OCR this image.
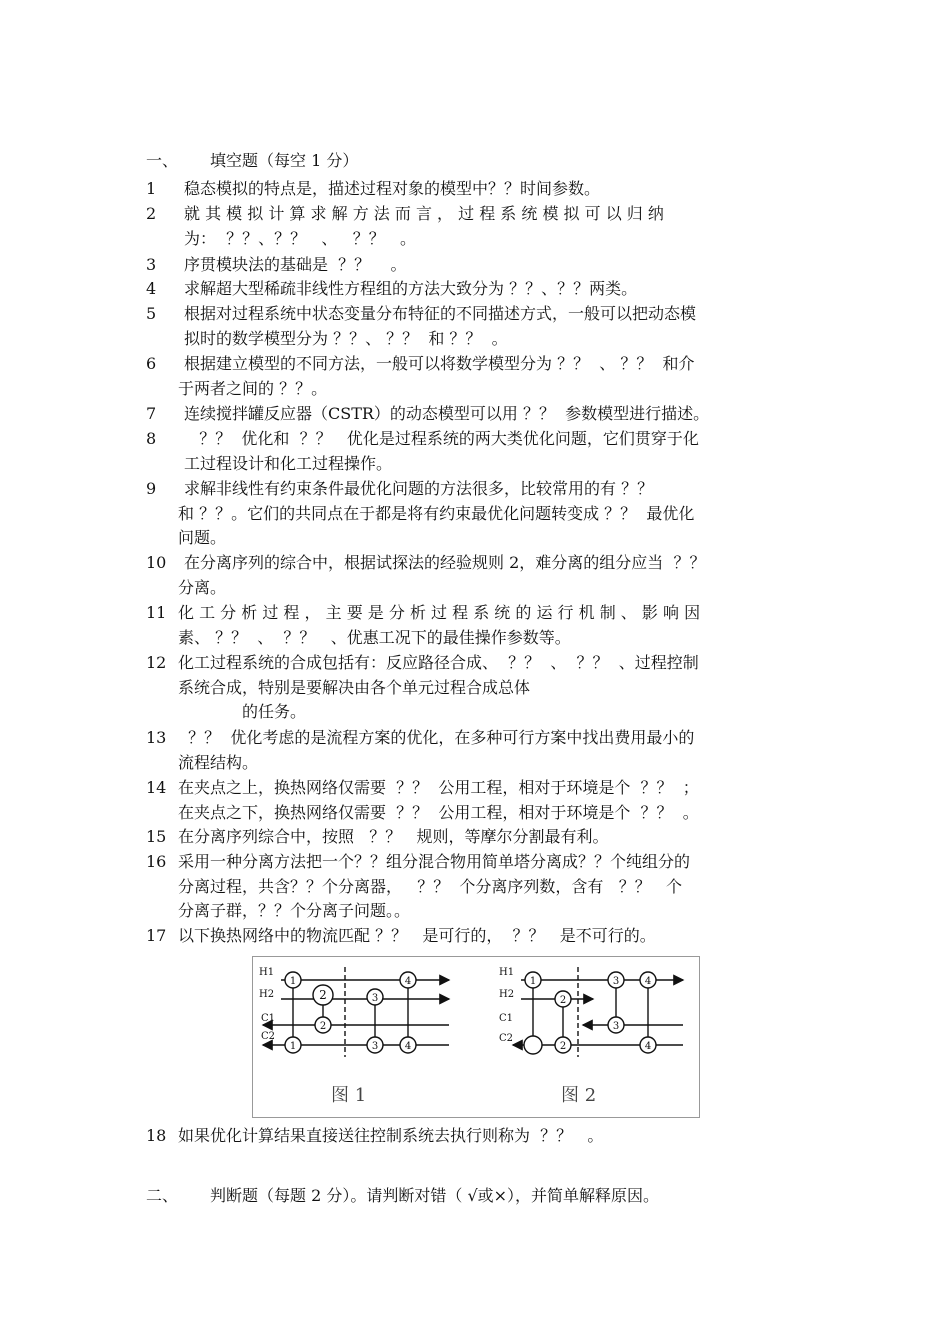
一、 填空题（每空 1 分）
1	稳态模拟的特点是，描述过程对象的模型中？？时间参数。
2	就 其 模 拟 计 算 求 解 方 法 而 言 ， 过 程 系 统 模 拟 可 以 归 纳
为：  ？？、？？   、   ？？   。
3	序贯模块法的基础是  ？？    。
4	求解超大型稀疏非线性方程组的方法大致分为 ？？、？？两类。
5	根据对过程系统中状态变量分布特征的不同描述方式，一般可以把动态模
拟时的数学模型分为 ？？、 ？？  和 ？？  。
6	根据建立模型的不同方法，一般可以将数学模型分为 ？？  、 ？？  和介
于两者之间的 ？？。
7	连续搅拌罐反应器（CSTR）的动态模型可以用 ？？  参数模型进行描述。
8	？？  优化和  ？？   优化是过程系统的两大类优化问题，它们贯穿于化
工过程设计和化工过程操作。
9	求解非线性有约束条件最优化问题的方法很多，比较常用的有 ？？
和 ？？。它们的共同点在于都是将有约束最优化问题转变成 ？？  最优化
问题。
10	在分离序列的综合中，根据试探法的经验规则 2，难分离的组分应当  ？？
分离。
11 化 工 分 析 过 程 ， 主 要 是 分 析 过 程 系 统 的 运 行 机 制 、 影 响 因
素、 ？？  、  ？？   、优惠工况下的最佳操作参数等。
12 化工过程系统的合成包括有：反应路径合成、  ？？  、  ？？  、过程控制
系统合成，特别是要解决由各个单元过程合成总体
的任务。
13 ？？  优化考虑的是流程方案的优化，在多种可行方案中找出费用最小的
流程结构。
14 在夹点之上，换热网络仅需要  ？？  公用工程，相对于环境是个  ？？  ；
在夹点之下，换热网络仅需要  ？？  公用工程，相对于环境是个  ？？  。
15 在分离序列综合中，按照   ？？   规则，等摩尔分割最有利。
16 采用一种分离方法把一个？？组分混合物用简单塔分离成？？个纯组分的
分离过程，共含？？个分离器，   ？？  个分离序列数，含有   ？？   个
分离子群，？？个分离子问题。。
17 以下换热网络中的物流匹配 ？？   是可行的，  ？？   是不可行的。
1
2
2
3
4
1	3	4
H1
H2
C1
C2
图 1
1
2
3	4
3
2	4
H1
H2
C1
C2
图 2
18 如果优化计算结果直接送往控制系统去执行则称为  ？？   。
二、 判断题（每题 2 分）。请判断对错（ √或×），并简单解释原因。
